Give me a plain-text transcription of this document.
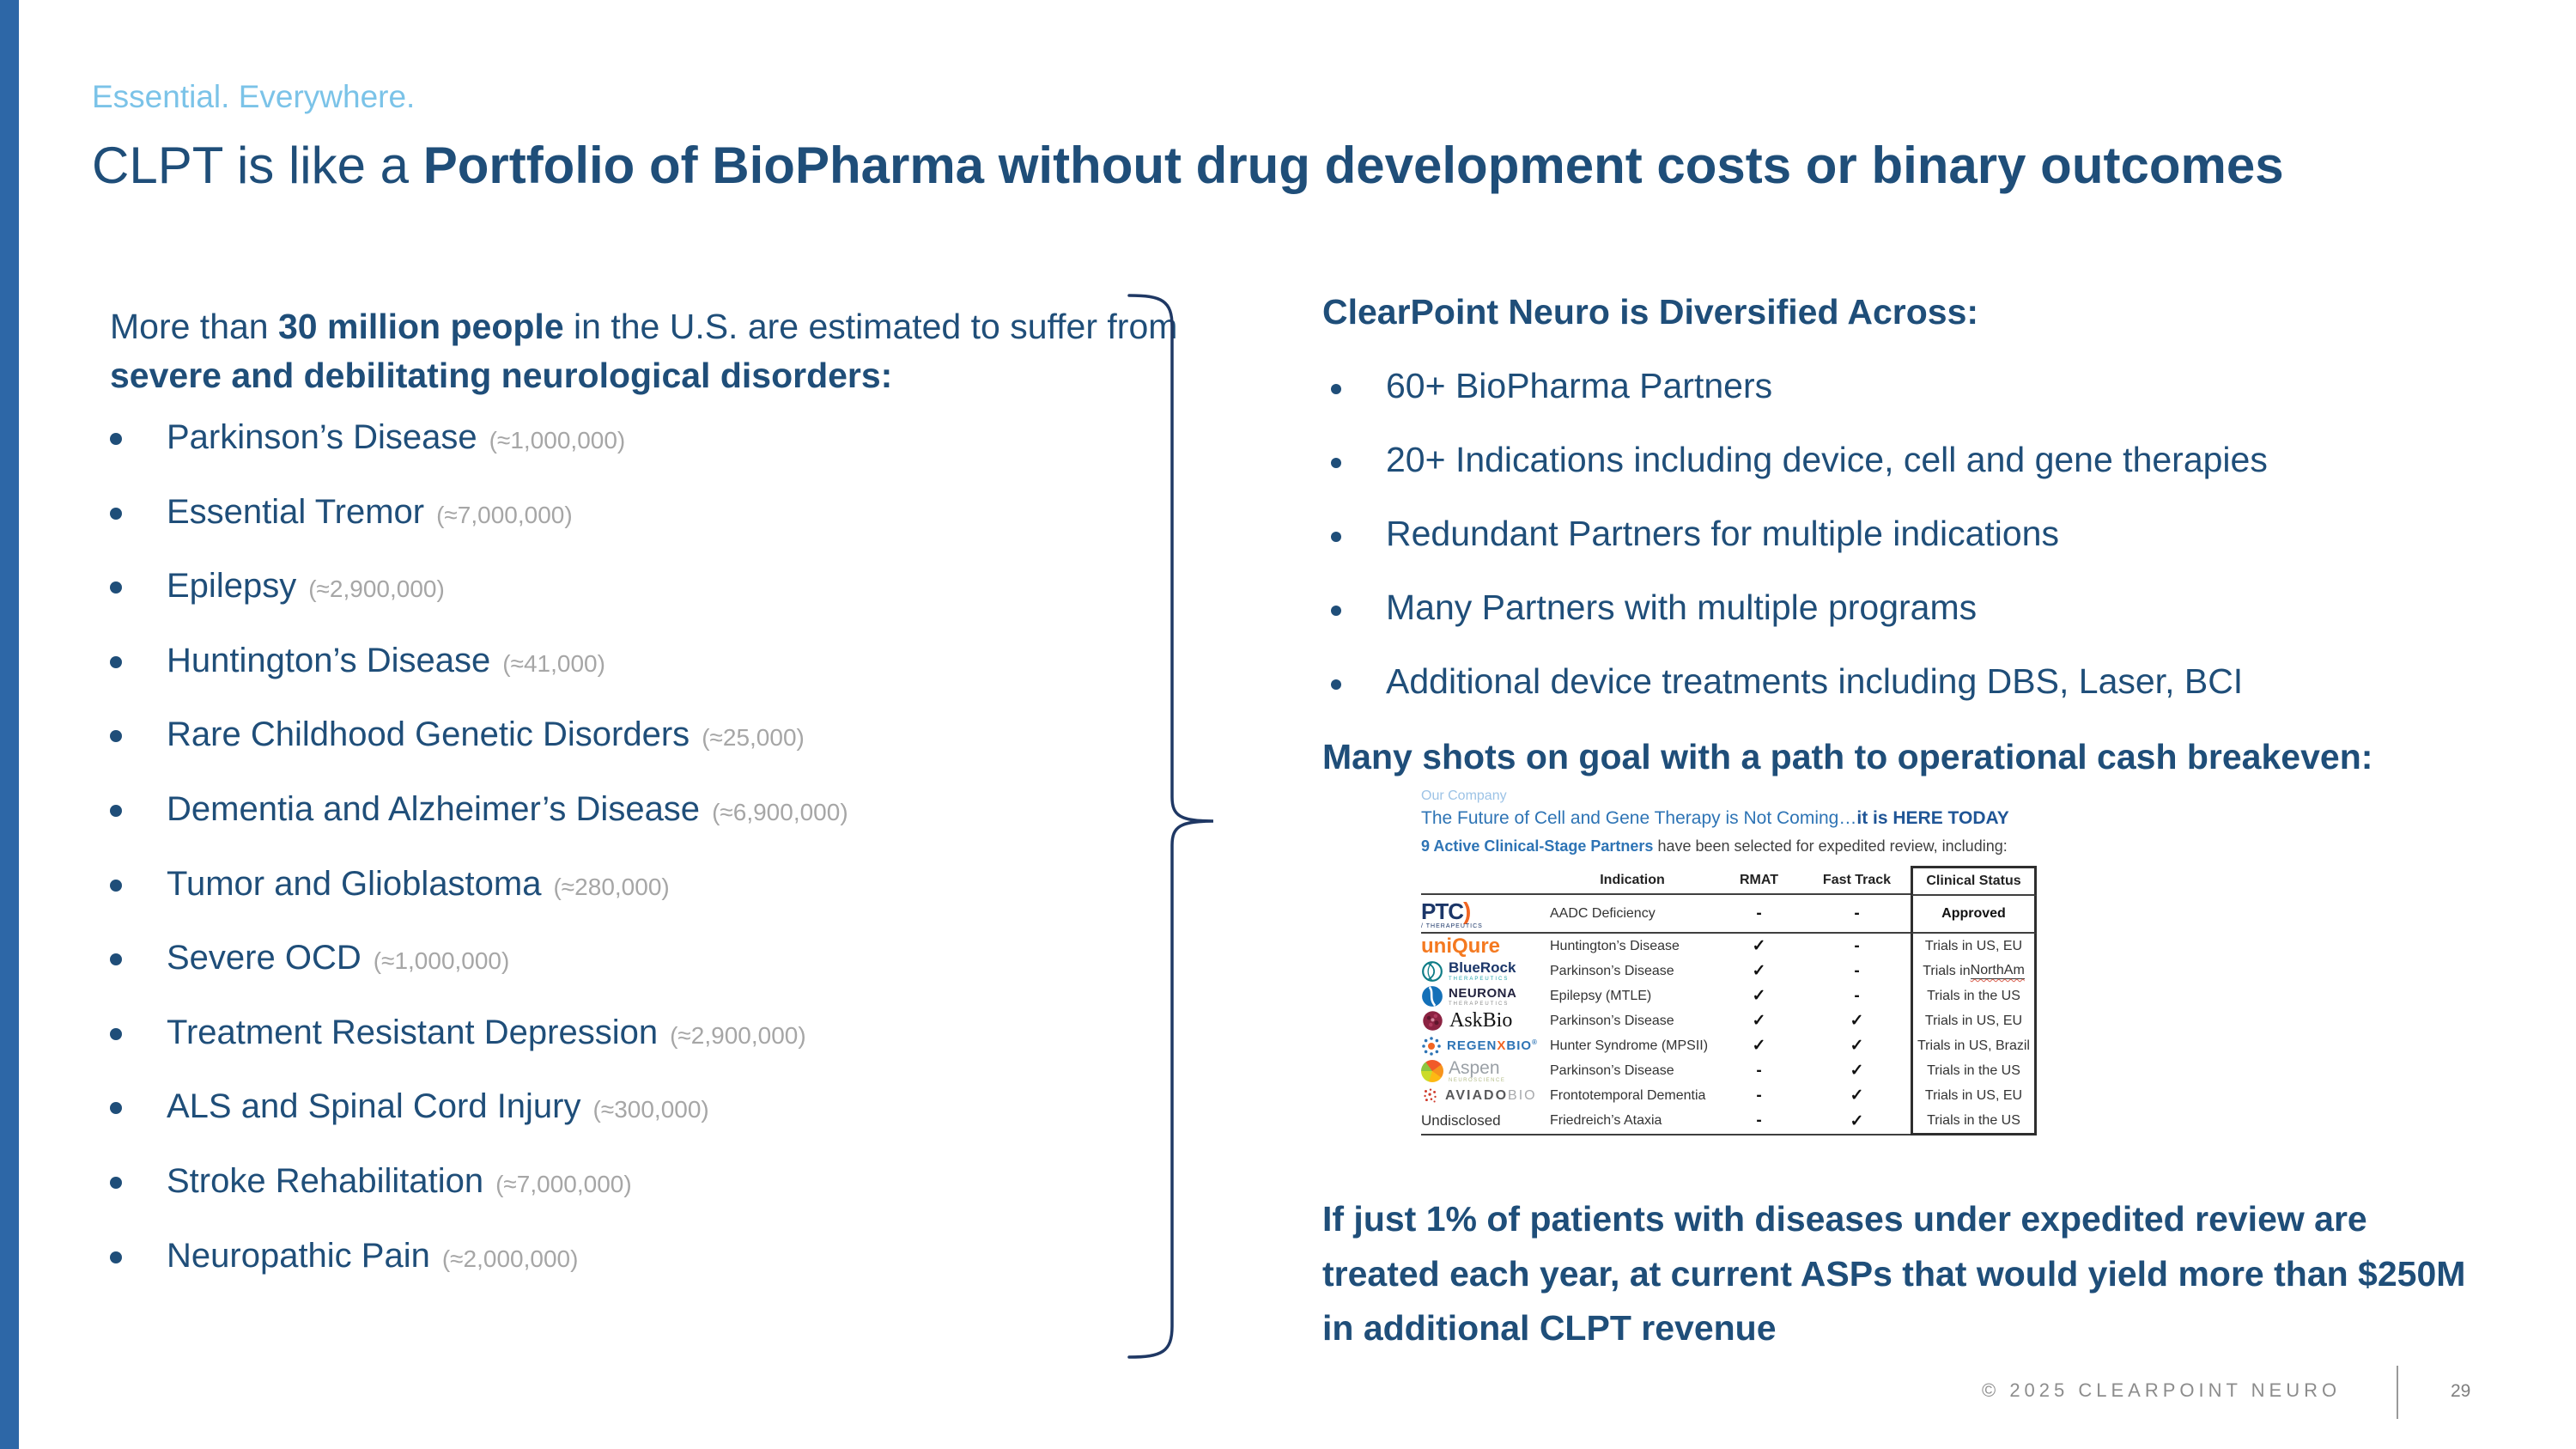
Essential. Everywhere.
CLPT is like a Portfolio of BioPharma without drug development costs or binary outcomes

More than 30 million people in the U.S. are estimated to suffer from severe and debilitating neurological disorders:

Parkinson’s Disease (≈1,000,000)
Essential Tremor (≈7,000,000)
Epilepsy (≈2,900,000)
Huntington’s Disease (≈41,000)
Rare Childhood Genetic Disorders (≈25,000)
Dementia and Alzheimer’s Disease (≈6,900,000)
Tumor and Glioblastoma (≈280,000)
Severe OCD (≈1,000,000)
Treatment Resistant Depression (≈2,900,000)
ALS and Spinal Cord Injury (≈300,000)
Stroke Rehabilitation (≈7,000,000)
Neuropathic Pain (≈2,000,000)
ClearPoint Neuro is Diversified Across:
60+ BioPharma Partners
20+ Indications including device, cell and gene therapies
Redundant Partners for multiple indications
Many Partners with multiple programs
Additional device treatments including DBS, Laser, BCI
Many shots on goal with a path to operational cash breakeven:
Our Company
The Future of Cell and Gene Therapy is Not Coming…it is HERE TODAY
9 Active Clinical-Stage Partners have been selected for expedited review, including:
Indication	RMAT	Fast Track	Clinical Status
PTC)
/ THERAPEUTICS
AADC Deficiency	-	-	Approved
uniQure	Huntington’s Disease	✓	-	Trials in US, EU
BlueRock
THERAPEUTICS
Parkinson’s Disease	✓	-	Trials in NorthAm
NEURONA
THERAPEUTICS
Epilepsy (MTLE)	✓	-	Trials in the US
AskBio	Parkinson’s Disease	✓	✓	Trials in US, EU
REGENXBIO® Hunter Syndrome (MPSII)	✓	✓	Trials in US, Brazil
Aspen
NEUROSCIENCE
Parkinson’s Disease	-	✓	Trials in the US
AVIADOBIO Frontotemporal Dementia	-	✓	Trials in US, EU
Undisclosed	Friedreich’s Ataxia	-	✓	Trials in the US

If just 1% of patients with diseases under expedited review are treated each year, at current ASPs that would yield more than $250M in additional CLPT revenue

© 2025 CLEARPOINT NEURO	29
